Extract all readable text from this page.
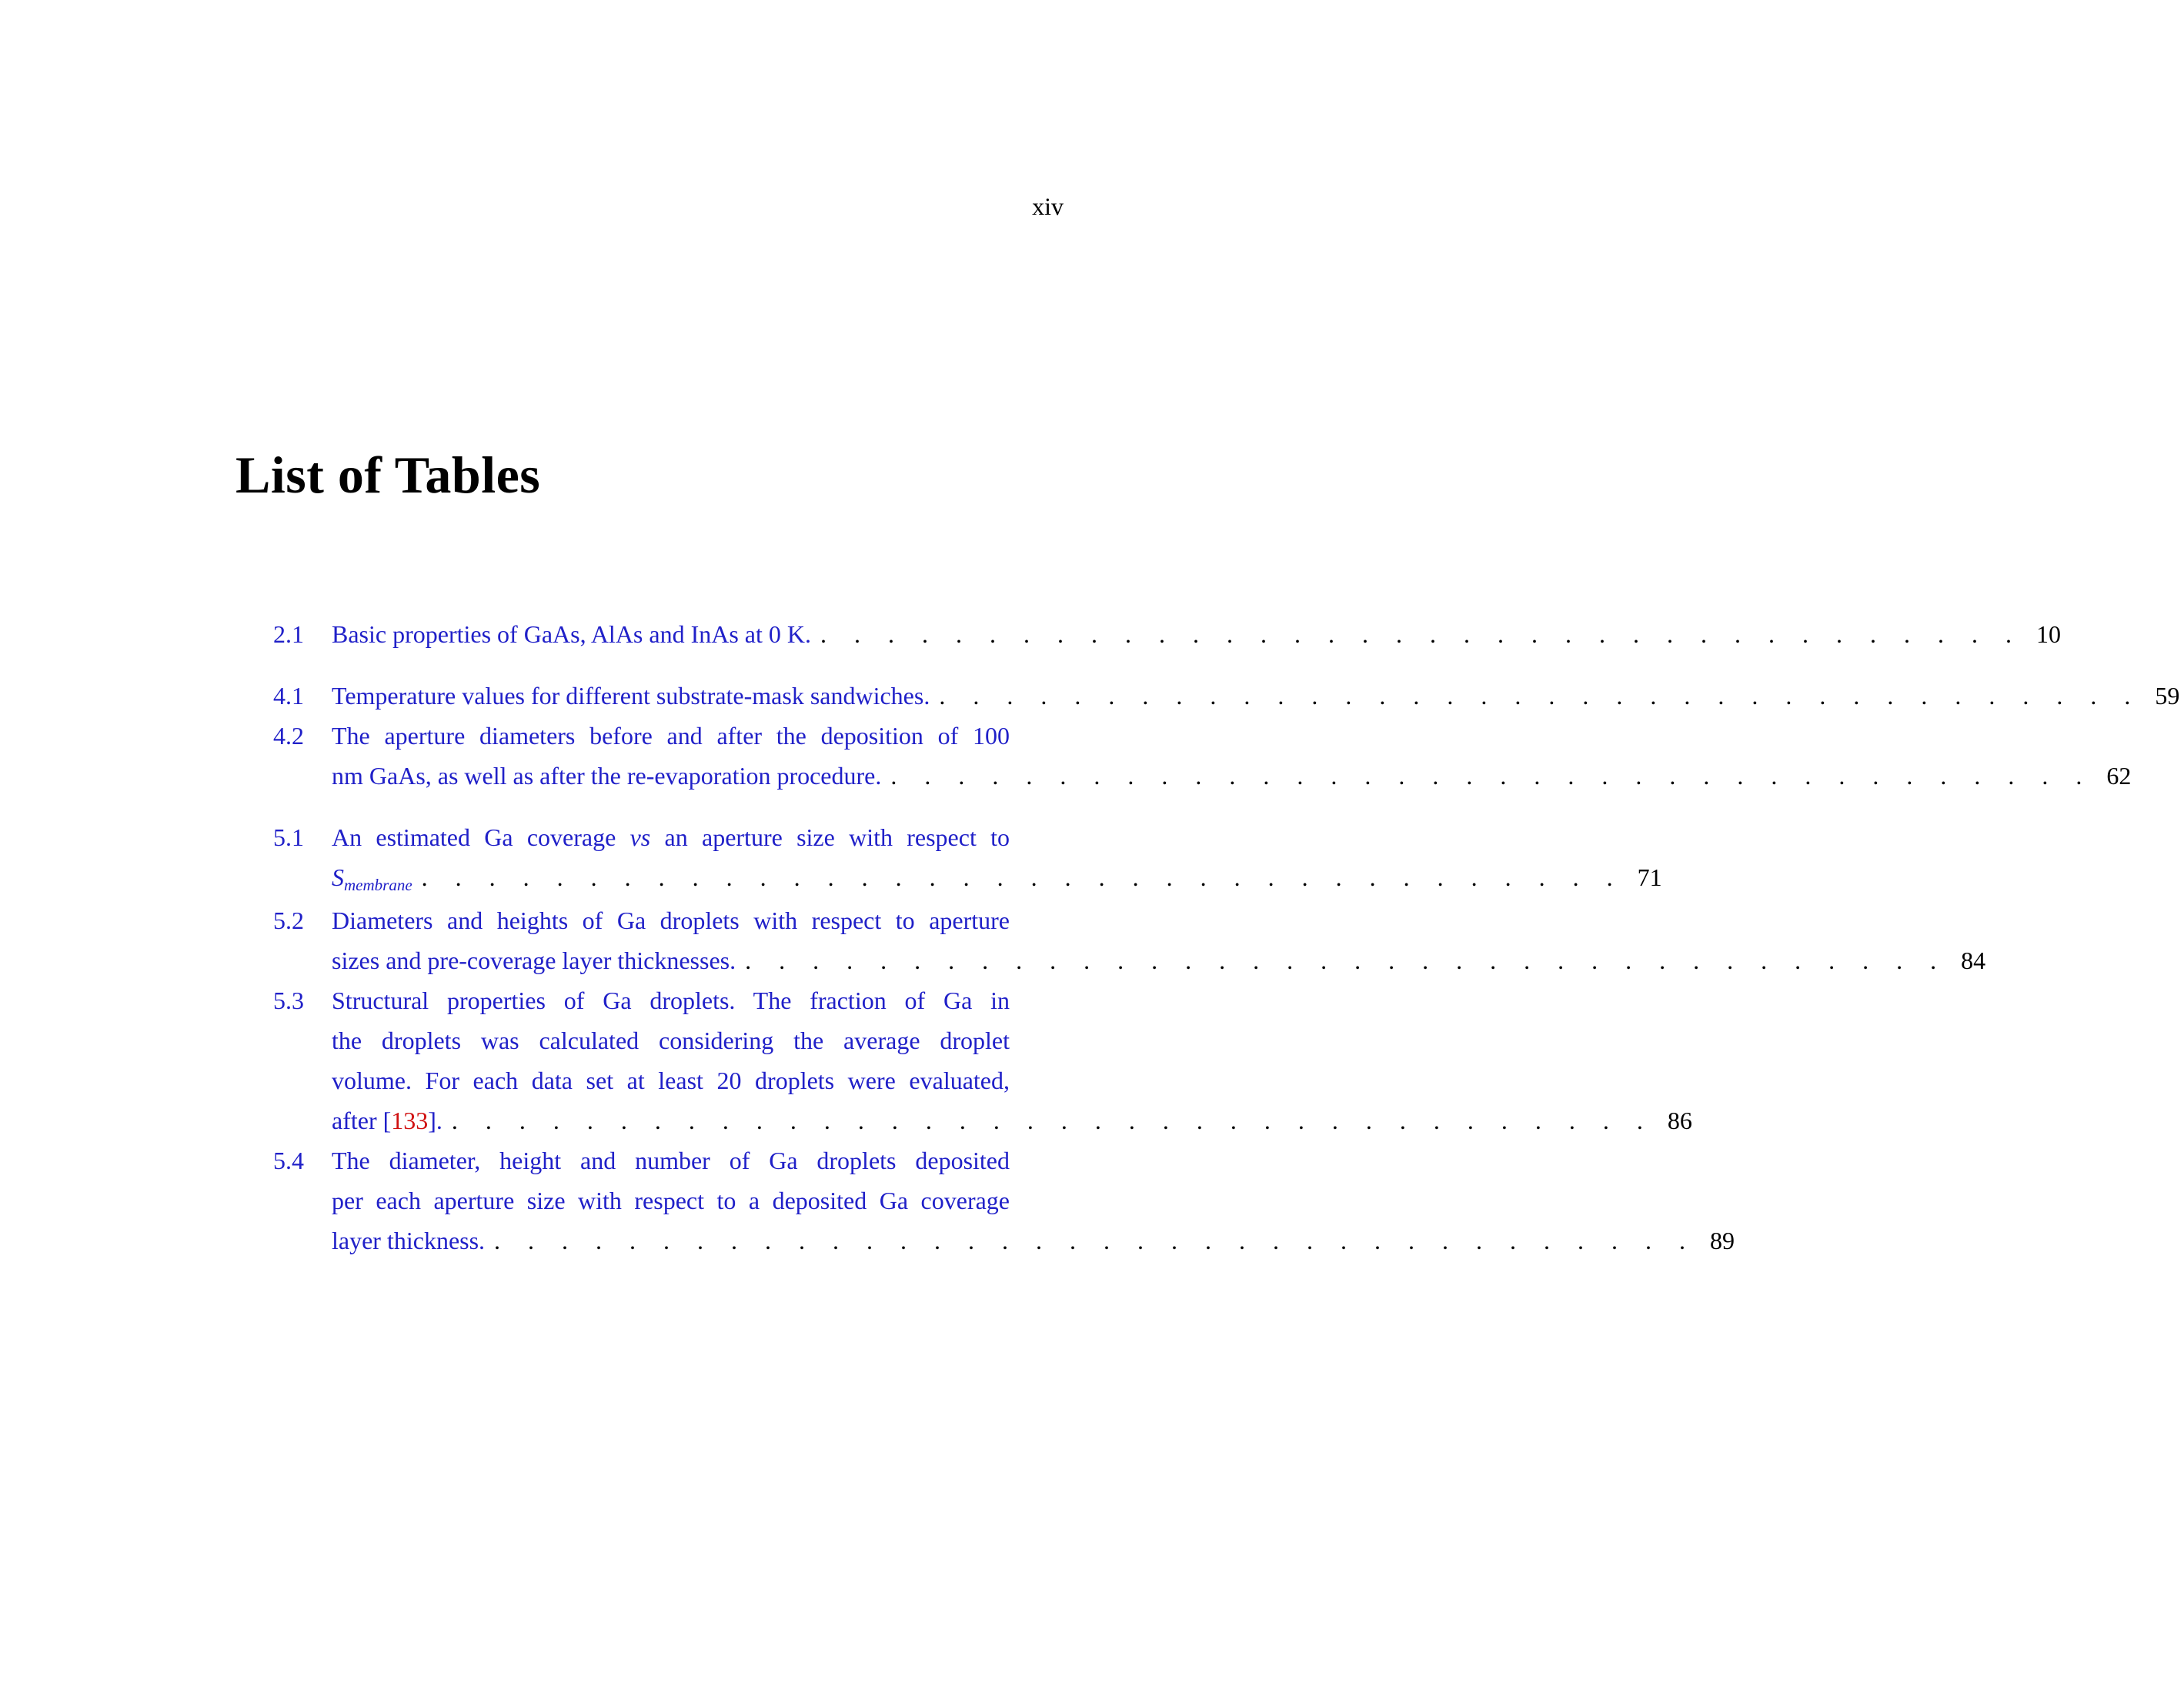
xiv
List of Tables
2.1	Basic properties of GaAs, AlAs and InAs at 0 K. . . . . . . . . . . . . . . . . . . . . . . . . . . . . . . . . . . . . 10
4.1	Temperature values for different substrate-mask sandwiches. . . . . . . . . . . . . . . . . . . . . . . . . . . . . . . . . . . . . 59
4.2	The aperture diameters before and after the deposition of 100
nm GaAs, as well as after the re-evaporation procedure. . . . . . . . . . . . . . . . . . . . . . . . . . . . . . . . . . . . . 62
5.1	An estimated Ga coverage vs an aperture size with respect to
Smembrane . . . . . . . . . . . . . . . . . . . . . . . . . . . . . . . . . . . . 71
5.2	Diameters and heights of Ga droplets with respect to aperture
sizes and pre-coverage layer thicknesses. . . . . . . . . . . . . . . . . . . . . . . . . . . . . . . . . . . . . 84
5.3	Structural properties of Ga droplets. The fraction of Ga in
the droplets was calculated considering the average droplet
volume. For each data set at least 20 droplets were evaluated,
after [133]. . . . . . . . . . . . . . . . . . . . . . . . . . . . . . . . . . . . . 86
5.4	The diameter, height and number of Ga droplets deposited
per each aperture size with respect to a deposited Ga coverage
layer thickness. . . . . . . . . . . . . . . . . . . . . . . . . . . . . . . . . . . . . 89
